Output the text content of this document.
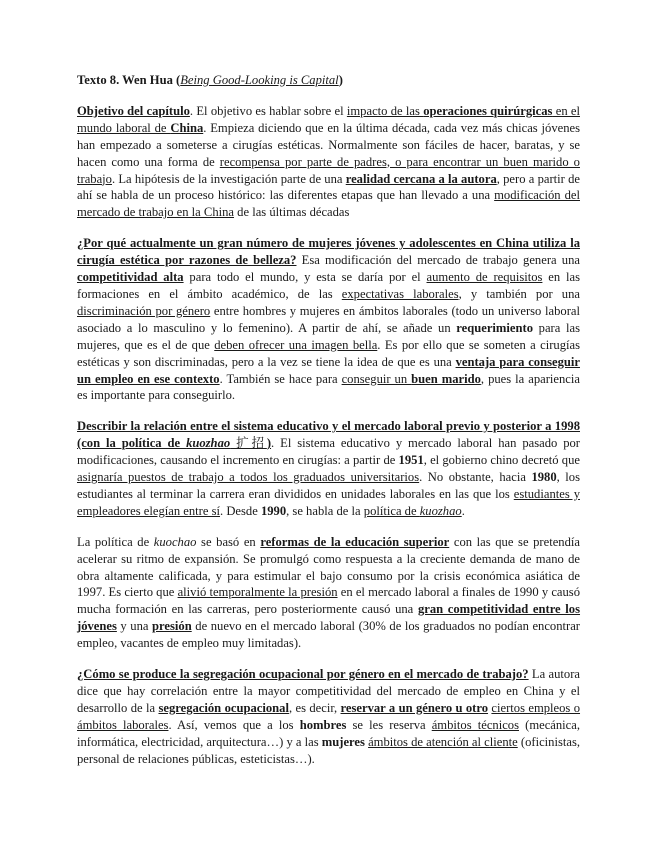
Texto 8. Wen Hua (Being Good-Looking is Capital)

Objetivo del capítulo. El objetivo es hablar sobre el impacto de las operaciones quirúrgicas en el mundo laboral de China. Empieza diciendo que en la última década, cada vez más chicas jóvenes han empezado a someterse a cirugías estéticas. Normalmente son fáciles de hacer, baratas, y se hacen como una forma de recompensa por parte de padres, o para encontrar un buen marido o trabajo. La hipótesis de la investigación parte de una realidad cercana a la autora, pero a partir de ahí se habla de un proceso histórico: las diferentes etapas que han llevado a una modificación del mercado de trabajo en la China de las últimas décadas

¿Por qué actualmente un gran número de mujeres jóvenes y adolescentes en China utiliza la cirugía estética por razones de belleza? Esa modificación del mercado de trabajo genera una competitividad alta para todo el mundo, y esta se daría por el aumento de requisitos en las formaciones en el ámbito académico, de las expectativas laborales, y también por una discriminación por género entre hombres y mujeres en ámbitos laborales (todo un universo laboral asociado a lo masculino y lo femenino). A partir de ahí, se añade un requerimiento para las mujeres, que es el de que deben ofrecer una imagen bella. Es por ello que se someten a cirugías estéticas y son discriminadas, pero a la vez se tiene la idea de que es una ventaja para conseguir un empleo en ese contexto. También se hace para conseguir un buen marido, pues la apariencia es importante para conseguirlo.

Describir la relación entre el sistema educativo y el mercado laboral previo y posterior a 1998 (con la política de kuozhao 扩招). El sistema educativo y mercado laboral han pasado por modificaciones, causando el incremento en cirugías: a partir de 1951, el gobierno chino decretó que asignaría puestos de trabajo a todos los graduados universitarios. No obstante, hacia 1980, los estudiantes al terminar la carrera eran divididos en unidades laborales en las que los estudiantes y empleadores elegían entre sí. Desde 1990, se habla de la política de kuozhao.

La política de kuochao se basó en reformas de la educación superior con las que se pretendía acelerar su ritmo de expansión. Se promulgó como respuesta a la creciente demanda de mano de obra altamente calificada, y para estimular el bajo consumo por la crisis económica asiática de 1997. Es cierto que alivió temporalmente la presión en el mercado laboral a finales de 1990 y causó mucha formación en las carreras, pero posteriormente causó una gran competitividad entre los jóvenes y una presión de nuevo en el mercado laboral (30% de los graduados no podían encontrar empleo, vacantes de empleo muy limitadas).

¿Cómo se produce la segregación ocupacional por género en el mercado de trabajo? La autora dice que hay correlación entre la mayor competitividad del mercado de empleo en China y el desarrollo de la segregación ocupacional, es decir, reservar a un género u otro ciertos empleos o ámbitos laborales. Así, vemos que a los hombres se les reserva ámbitos técnicos (mecánica, informática, electricidad, arquitectura…) y a las mujeres ámbitos de atención al cliente (oficinistas, personal de relaciones públicas, esteticistas…).
